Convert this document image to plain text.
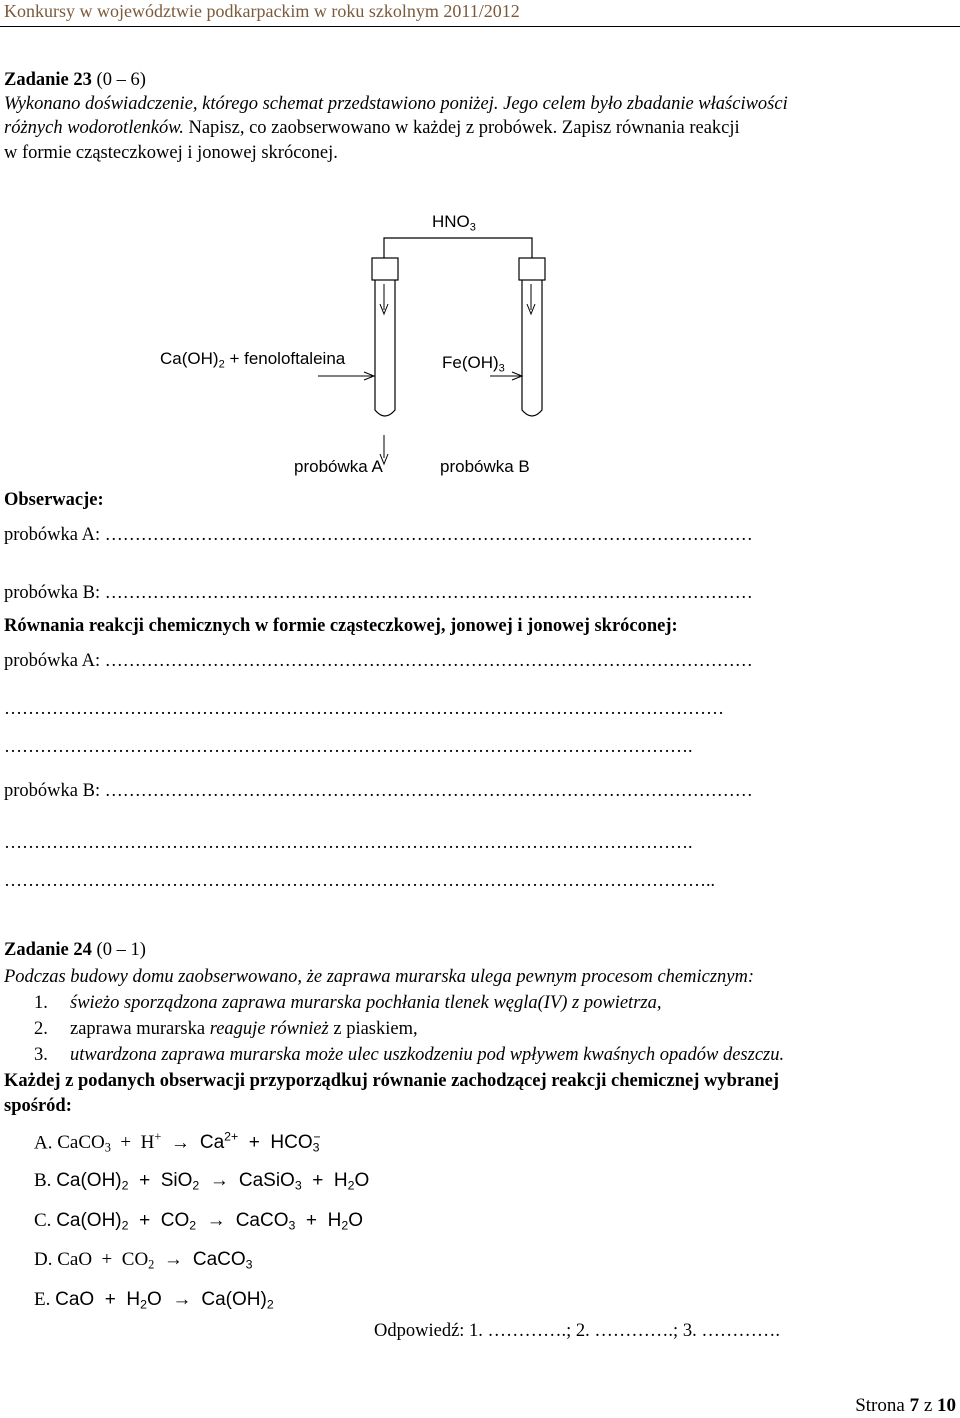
Konkursy w województwie podkarpackim w roku szkolnym 2011/2012
Zadanie 23 (0 – 6)
Wykonano doświadczenie, którego schemat przedstawiono poniżej. Jego celem było zbadanie właściwości
różnych wodorotlenków. Napisz, co zaobserwowano w każdej z probówek. Zapisz równania reakcji
w formie cząsteczkowej i jonowej skróconej.
$HNO_3$
$Ca(OH)_2$ + fenoloftaleina	$Fe(OH)_3$
probówka A	probówka B
Obserwacje:
probówka A: ………………………………………………………………………………………………
probówka B: ………………………………………………………………………………………………
Równania reakcji chemicznych w formie cząsteczkowej, jonowej i jonowej skróconej:
probówka A: ………………………………………………………………………………………………
…………………………………………………………………………………………………………
…………………………………………………………………………………………………….
probówka B: ………………………………………………………………………………………………
…………………………………………………………………………………………………….
………………………………………………………………………………………………………..
Zadanie 24 (0 – 1)
Podczas budowy domu zaobserwowano, że zaprawa murarska ulega pewnym procesom chemicznym:
1. świeżo sporządzona zaprawa murarska pochłania tlenek węgla(IV) z powietrza,
2. zaprawa murarska reaguje również z piaskiem,
3. utwardzona zaprawa murarska może ulec uszkodzeniu pod wpływem kwaśnych opadów deszczu.
Każdej z podanych obserwacji przyporządkuj równanie zachodzącej reakcji chemicznej wybranej
spośród:
A. CaCO$_3$  +  $H^+ \to Ca^{2+} + HCO_3^-$
B. $Ca(OH)_2 + SiO_2$ →  CaSiO$_3$  +  $H_2O$
C. $Ca(OH)_2 + CO_2$ →  CaCO$_3$  +  $H_2O$
D. CaO  +  $CO_2$ →  CaCO$_3$
E. CaO  +  $H_2O \to Ca(OH)_2$
Odpowiedź: 1. ………….; 2. ………….; 3. ………….
Strona 7 z 10
